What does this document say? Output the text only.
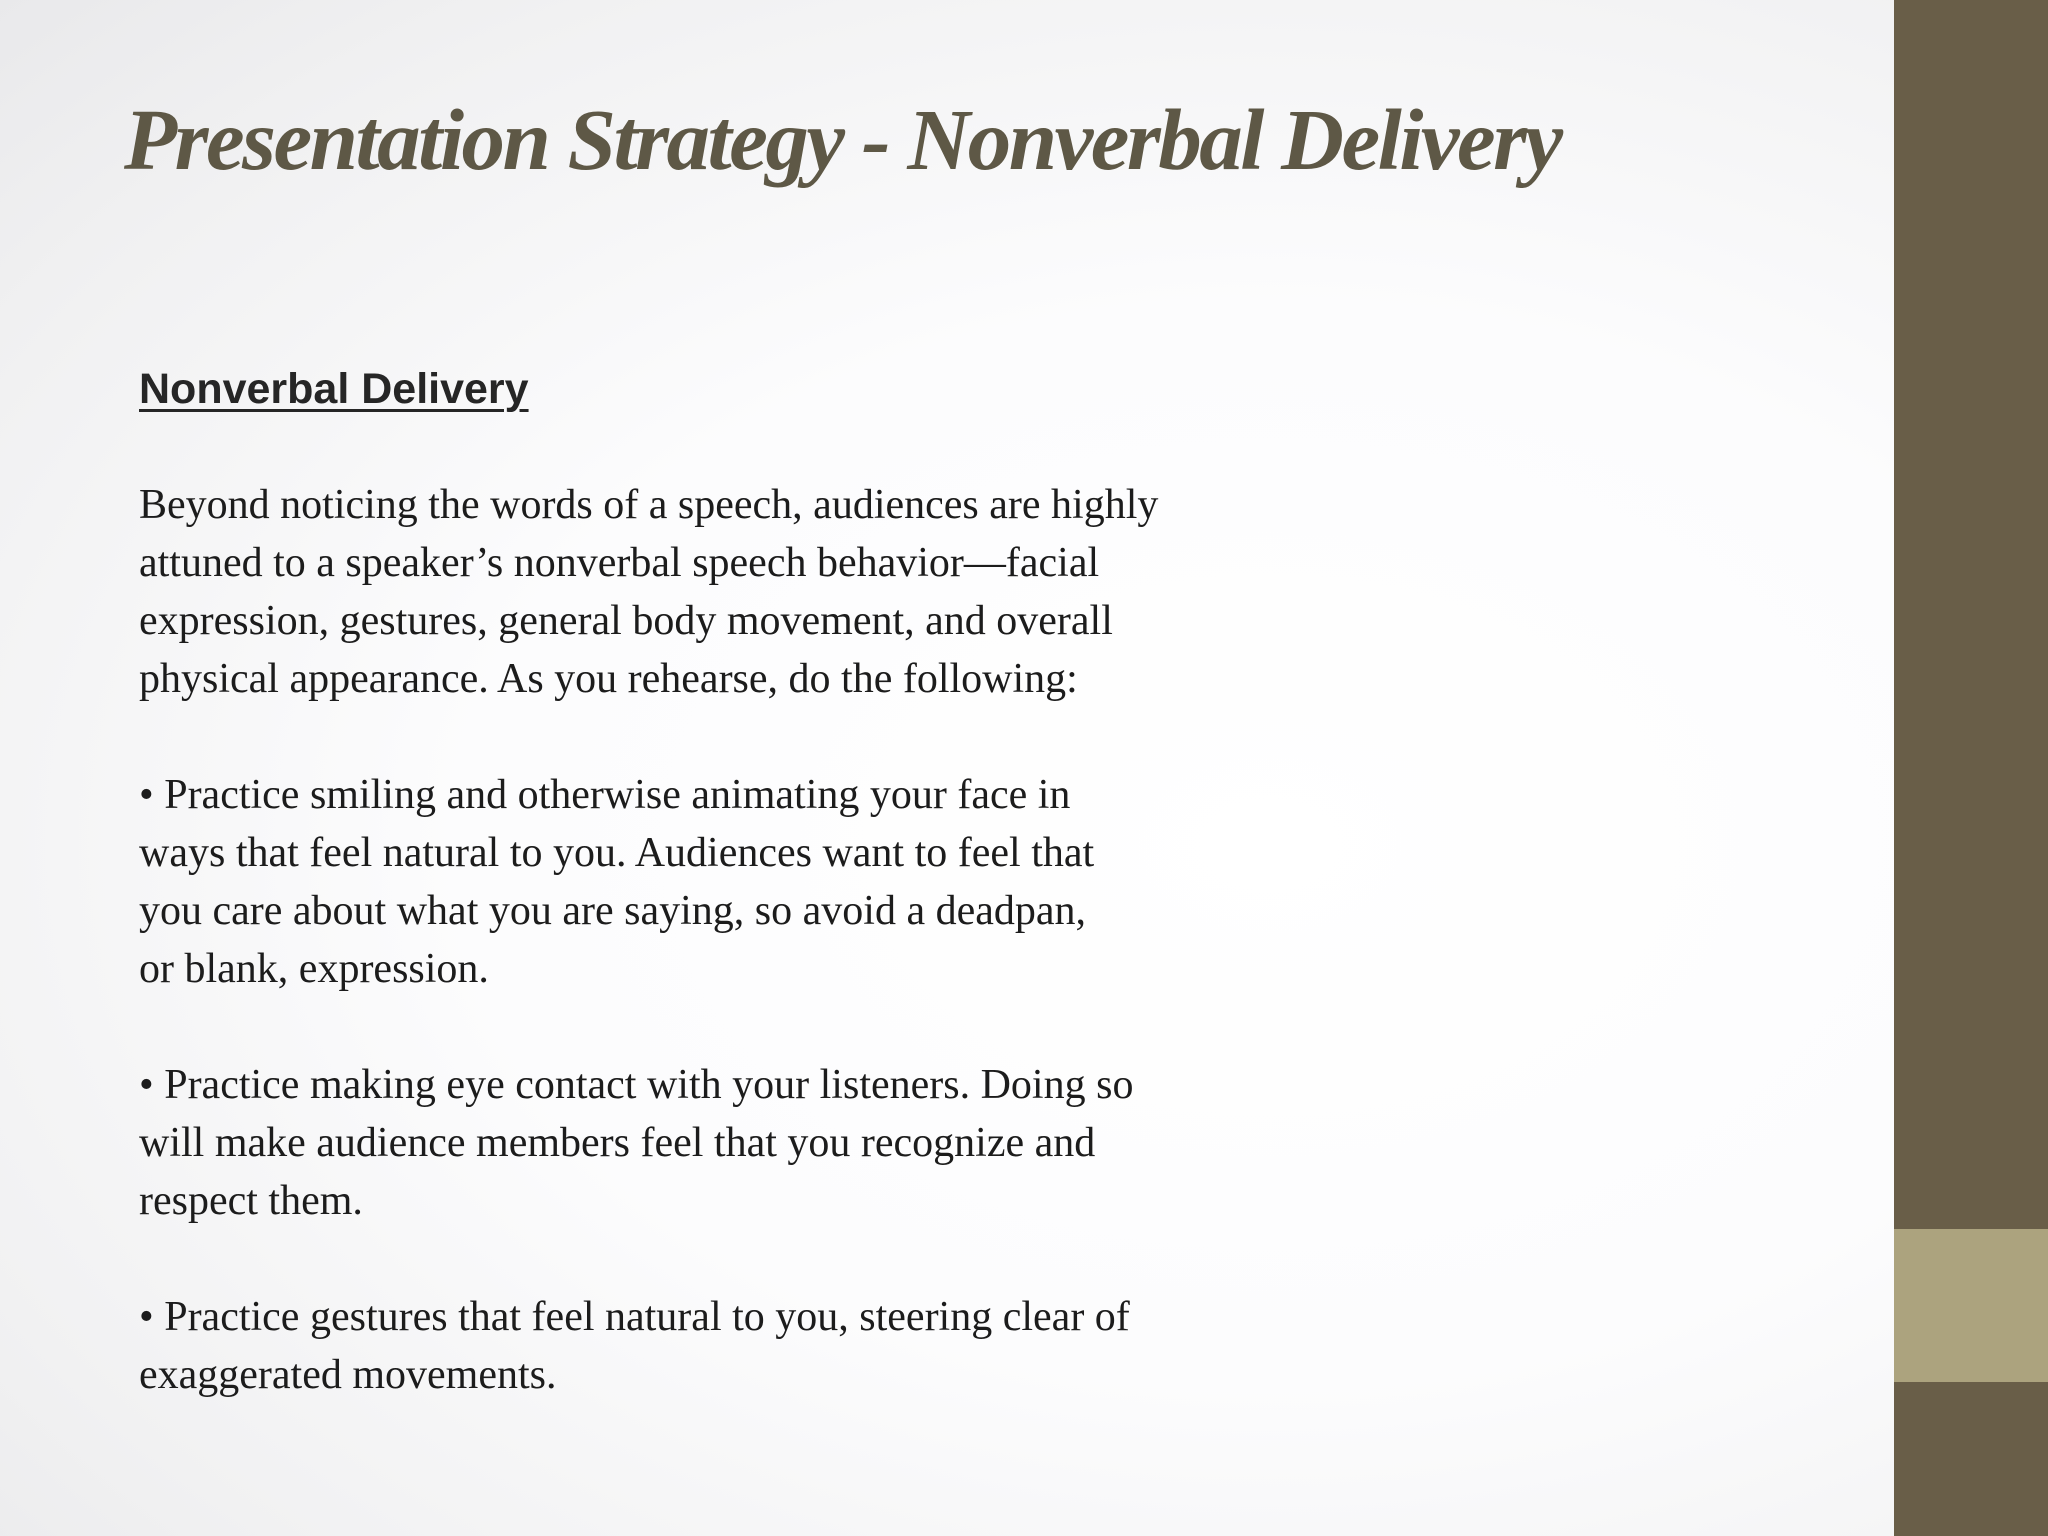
Presentation Strategy - Nonverbal Delivery

Nonverbal Delivery

Beyond noticing the words of a speech, audiences are highly
attuned to a speaker’s nonverbal speech behavior—facial
expression, gestures, general body movement, and overall
physical appearance. As you rehearse, do the following:

• Practice smiling and otherwise animating your face in
ways that feel natural to you. Audiences want to feel that
you care about what you are saying, so avoid a deadpan,
or blank, expression.

• Practice making eye contact with your listeners. Doing so
will make audience members feel that you recognize and
respect them.

• Practice gestures that feel natural to you, steering clear of
exaggerated movements.
